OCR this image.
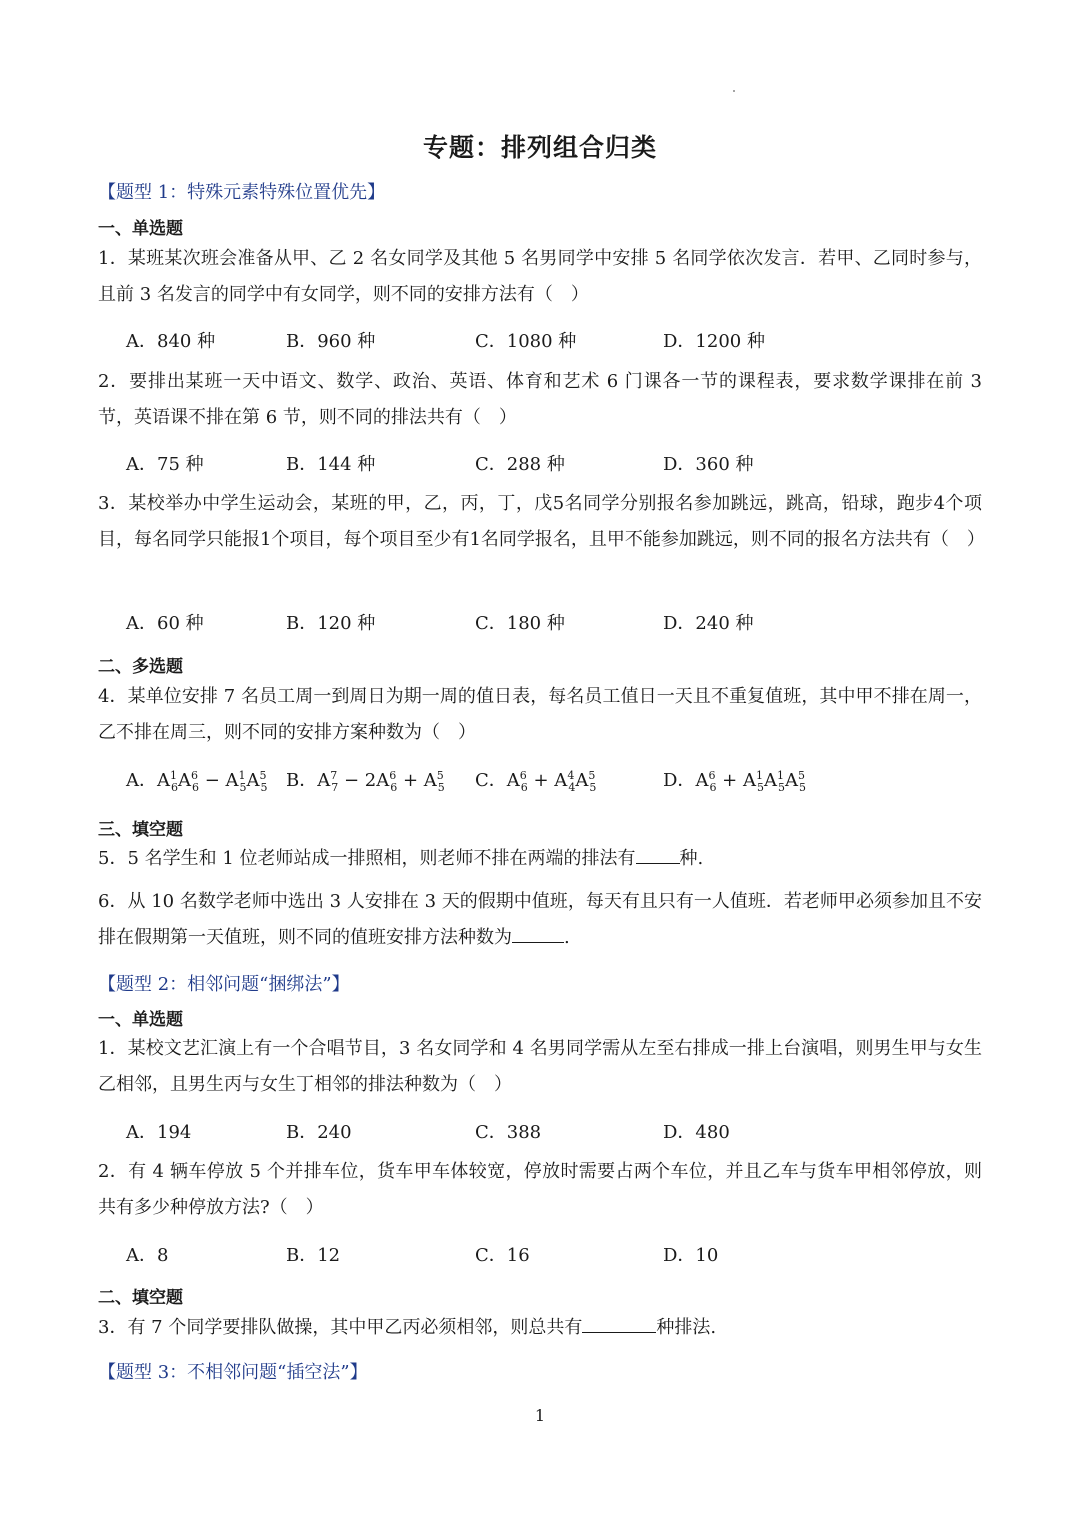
专题：排列组合归类
【题型 1：特殊元素特殊位置优先】
一、单选题
1．某班某次班会准备从甲、乙 2 名女同学及其他 5 名男同学中安排 5 名同学依次发言．若甲、乙同时参与，且前 3 名发言的同学中有女同学，则不同的安排方法有（　）
A．840 种	B．960 种	C．1080 种	D．1200 种
2．要排出某班一天中语文、数学、政治、英语、体育和艺术 6 门课各一节的课程表，要求数学课排在前 3 节，英语课不排在第 6 节，则不同的排法共有（　）
A．75 种	B．144 种	C．288 种	D．360 种
3．某校举办中学生运动会，某班的甲，乙，丙，丁，戊5名同学分别报名参加跳远，跳高，铅球，跑步4个项目，每名同学只能报1个项目，每个项目至少有1名同学报名，且甲不能参加跳远，则不同的报名方法共有（　）
A．60 种	B．120 种	C．180 种	D．240 种
二、多选题
4．某单位安排 7 名员工周一到周日为期一周的值日表，每名员工值日一天且不重复值班，其中甲不排在周一，乙不排在周三，则不同的安排方案种数为（　）
A．$A^1_6A^6_6 - A^1_5A^5_5$ B．$A^7_7 - 2A^6_6 + A^5_5$ C．$A^6_6 + A^4_4A^5_5$	D．$A^6_6 + A^1_5A^1_5A^5_5$
三、填空题
5．5 名学生和 1 位老师站成一排照相，则老师不排在两端的排法有 种.
6．从 10 名数学老师中选出 3 人安排在 3 天的假期中值班，每天有且只有一人值班．若老师甲必须参加且不安排在假期第一天值班，则不同的值班安排方法种数为	.
【题型 2：相邻问题“捆绑法”】
一、单选题
1．某校文艺汇演上有一个合唱节目，3 名女同学和 4 名男同学需从左至右排成一排上台演唱，则男生甲与女生乙相邻，且男生丙与女生丁相邻的排法种数为（　）
A．194	B．240	C．388	D．480
2．有 4 辆车停放 5 个并排车位，货车甲车体较宽，停放时需要占两个车位，并且乙车与货车甲相邻停放，则共有多少种停放方法?（　）
A．8	B．12	C．16	D．10
二、填空题
3．有 7 个同学要排队做操，其中甲乙丙必须相邻，则总共有	种排法.
【题型 3：不相邻问题“插空法”】
1
